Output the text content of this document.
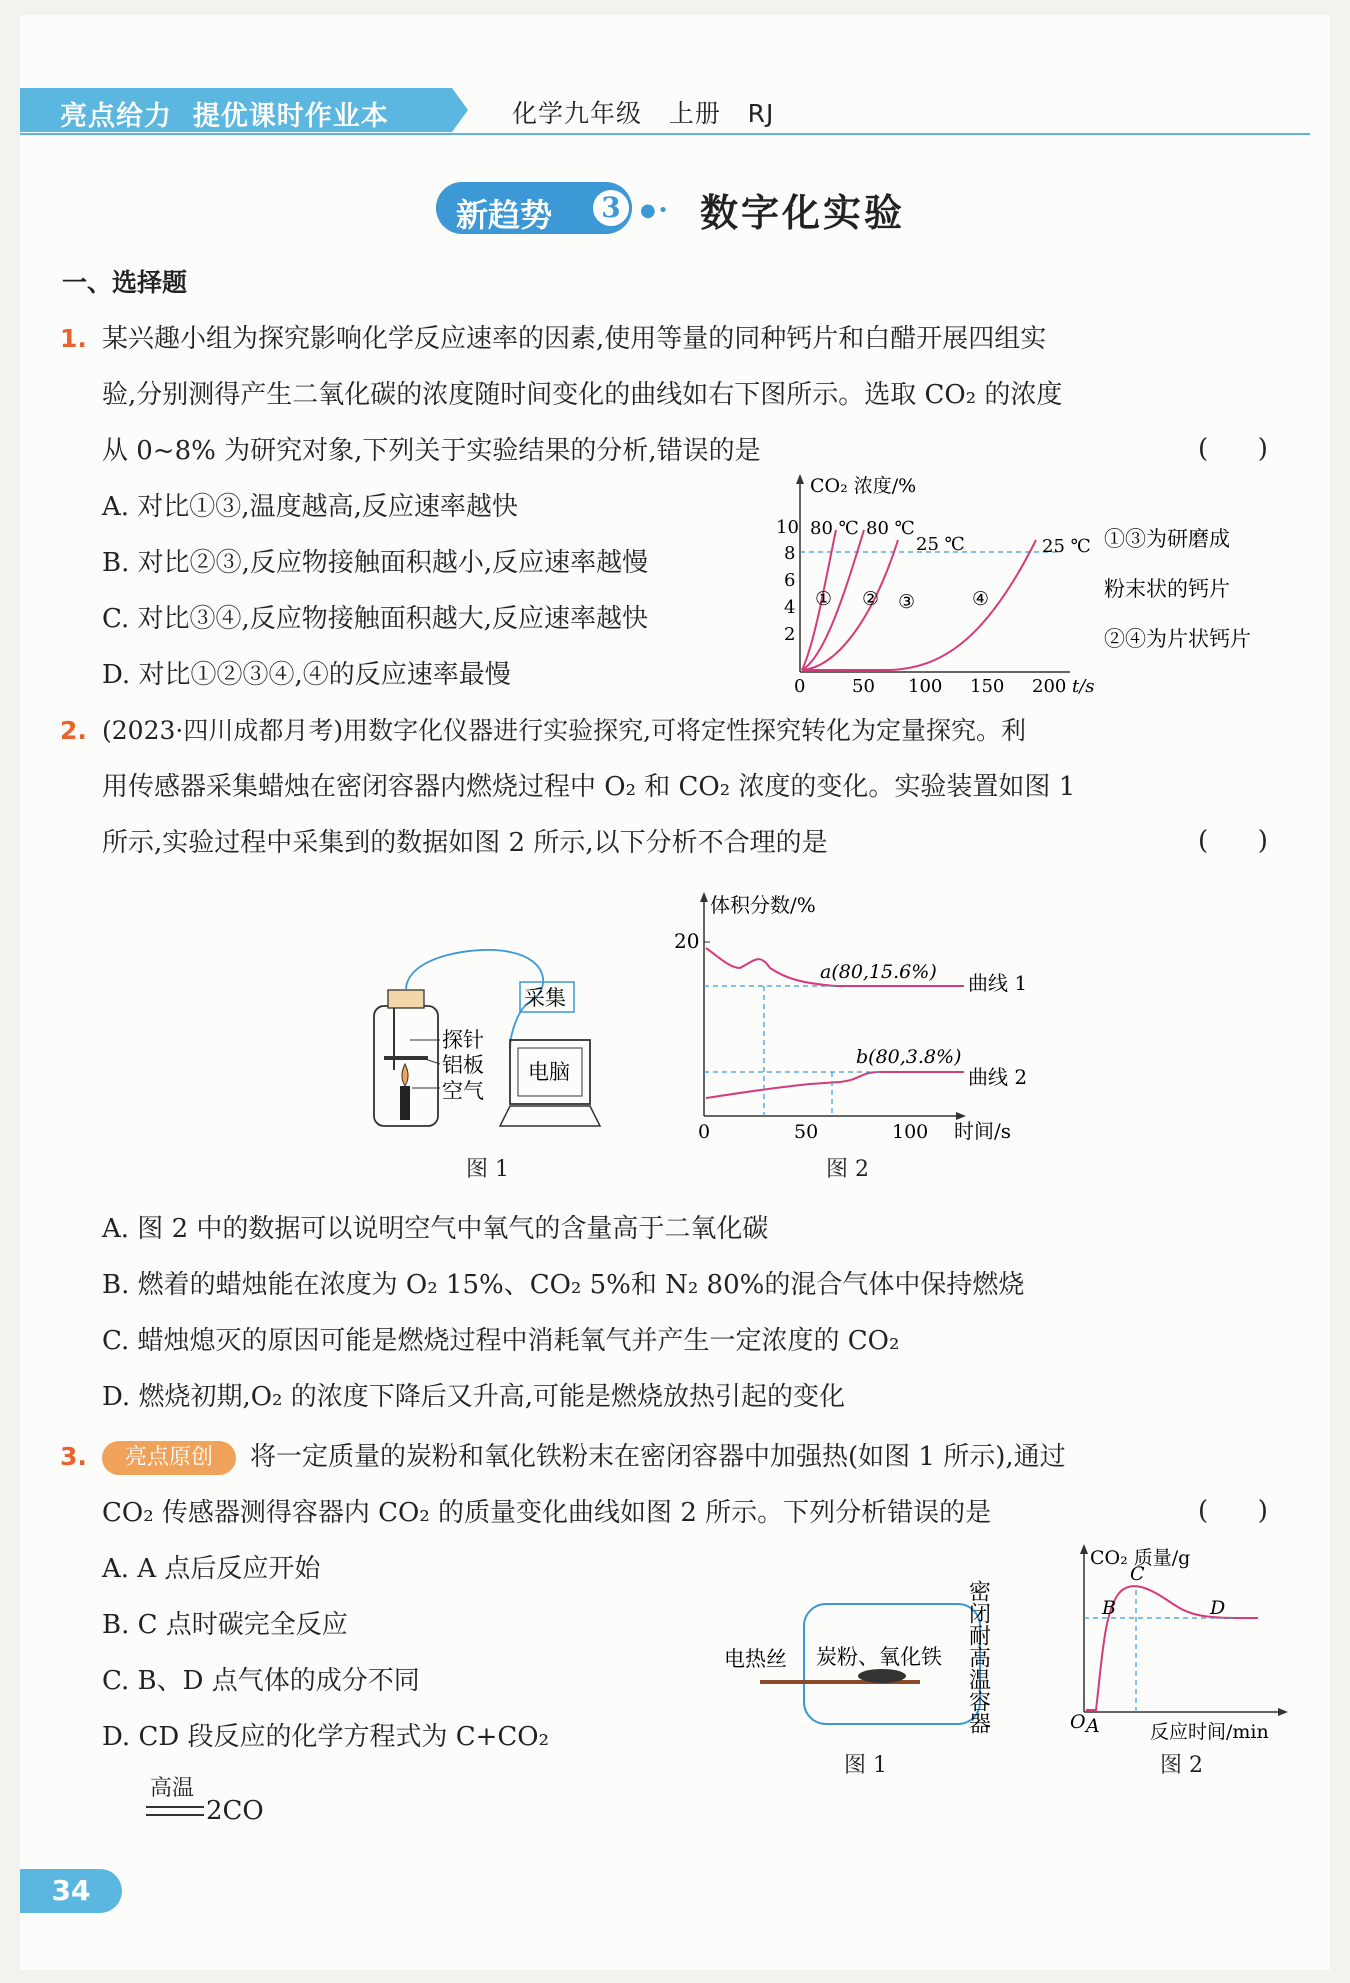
亮点给力  提优课时作业本	化学九年级   上册   RJ
新趋势	3	●• 数字化实验
一、选择题
1. 某兴趣小组为探究影响化学反应速率的因素,使用等量的同种钙片和白醋开展四组实
验,分别测得产生二氧化碳的浓度随时间变化的曲线如右下图所示。选取 CO₂ 的浓度
从 0~8% 为研究对象,下列关于实验结果的分析,错误的是	(      )
A. 对比①③,温度越高,反应速率越快
B. 对比②③,反应物接触面积越小,反应速率越慢
C. 对比③④,反应物接触面积越大,反应速率越快
D. 对比①②③④,④的反应速率最慢
CO₂ 浓度/%
10
8
6
4
2
0	50 100 150 200 t/s
80 ℃ 80 ℃
25 ℃	25 ℃
① ② ③	④
①③为研磨成
粉末状的钙片
②④为片状钙片
2. (2023·四川成都月考)用数字化仪器进行实验探究,可将定性探究转化为定量探究。利
用传感器采集蜡烛在密闭容器内燃烧过程中 O₂ 和 CO₂ 浓度的变化。实验装置如图 1
所示,实验过程中采集到的数据如图 2 所示,以下分析不合理的是	(      )
探针
铝板
空气
采集
电脑
图 1
体积分数/%
20
a(80,15.6%) 曲线 1
b(80,3.8%)
曲线 2
0	50	100 时间/s
图 2
A. 图 2 中的数据可以说明空气中氧气的含量高于二氧化碳
B. 燃着的蜡烛能在浓度为 O₂ 15%、CO₂ 5%和 N₂ 80%的混合气体中保持燃烧
C. 蜡烛熄灭的原因可能是燃烧过程中消耗氧气并产生一定浓度的 CO₂
D. 燃烧初期,O₂ 的浓度下降后又升高,可能是燃烧放热引起的变化
3.	亮点原创	将一定质量的炭粉和氧化铁粉末在密闭容器中加强热(如图 1 所示),通过
CO₂ 传感器测得容器内 CO₂ 的质量变化曲线如图 2 所示。下列分析错误的是	(      )
A. A 点后反应开始
B. C 点时碳完全反应
C. B、D 点气体的成分不同
D. CD 段反应的化学方程式为 C+CO₂
高温
2CO
电热丝 炭粉、氧化铁 密闭耐高温容器
图 1
CO₂ 质量/g
B
C
D
O A	反应时间/min
图 2
34
